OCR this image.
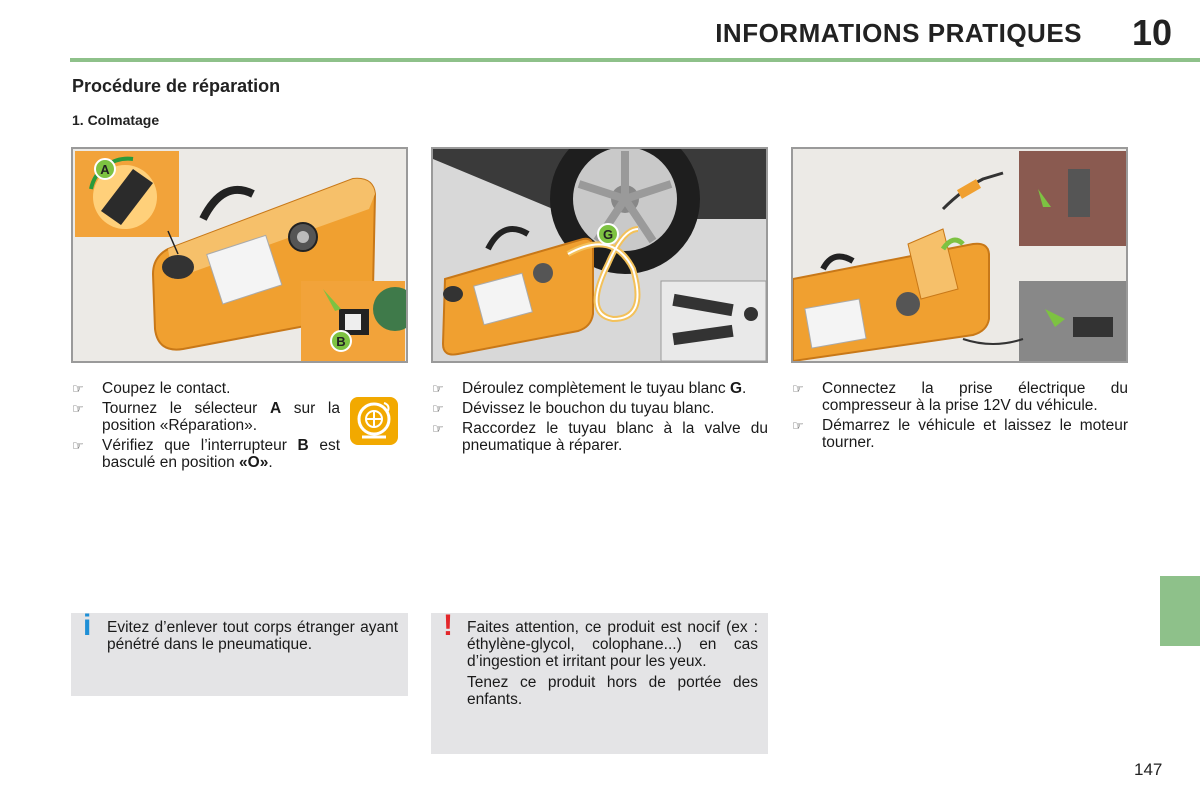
INFORMATIONS PRATIQUES	10
Procédure de réparation
1. Colmatage
A
B
G
☞ Coupez le contact.
☞ Tournez le sélecteur A sur la position «Réparation».
☞ Vérifiez que l’interrupteur B est basculé en position «O».
☞ Déroulez complètement le tuyau blanc G.
☞ Dévissez le bouchon du tuyau blanc.
☞ Raccordez le tuyau blanc à la valve du pneumatique à réparer.
☞ Connectez la prise électrique du compresseur à la prise 12V du véhicule.
☞ Démarrez le véhicule et laissez le moteur tourner.
i Evitez d’enlever tout corps étranger ayant pénétré dans le pneumatique.

! Faites attention, ce produit est nocif (ex : éthylène-glycol, colophane...) en cas d’ingestion et irritant pour les yeux.

Tenez ce produit hors de portée des enfants.

147
